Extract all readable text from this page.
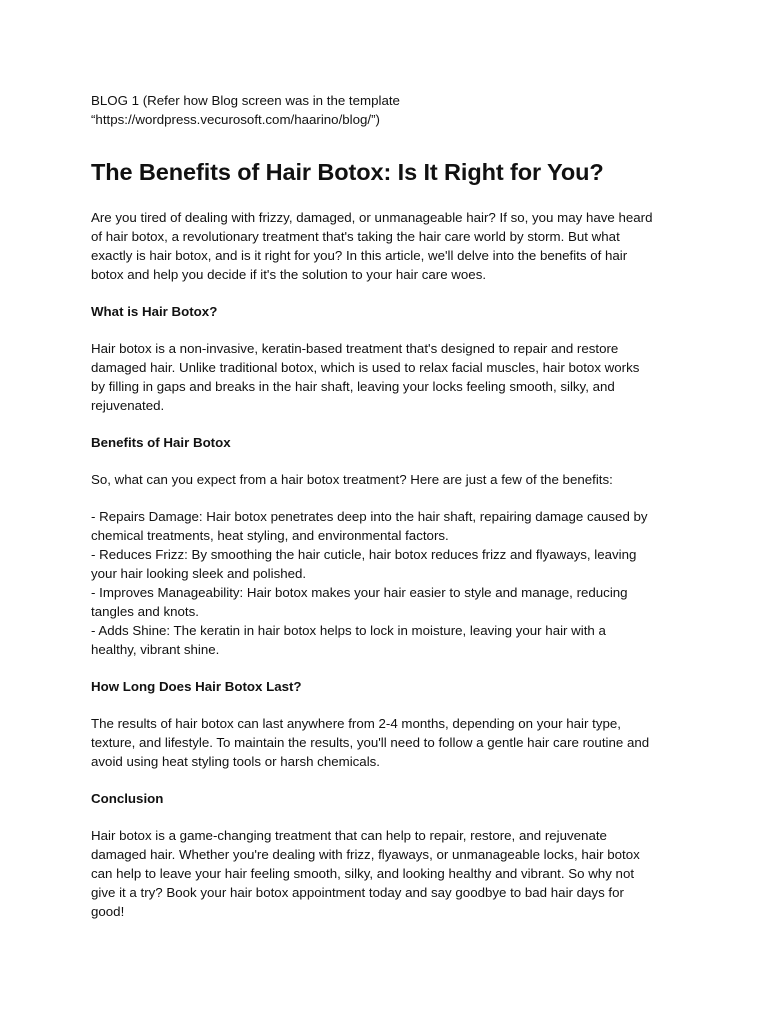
BLOG 1 (Refer how Blog screen was in the template
“https://wordpress.vecurosoft.com/haarino/blog/”)

The Benefits of Hair Botox: Is It Right for You?

Are you tired of dealing with frizzy, damaged, or unmanageable hair? If so, you may have heard
of hair botox, a revolutionary treatment that's taking the hair care world by storm. But what
exactly is hair botox, and is it right for you? In this article, we'll delve into the benefits of hair
botox and help you decide if it's the solution to your hair care woes.

What is Hair Botox?

Hair botox is a non-invasive, keratin-based treatment that's designed to repair and restore
damaged hair. Unlike traditional botox, which is used to relax facial muscles, hair botox works
by filling in gaps and breaks in the hair shaft, leaving your locks feeling smooth, silky, and
rejuvenated.

Benefits of Hair Botox

So, what can you expect from a hair botox treatment? Here are just a few of the benefits:

- Repairs Damage: Hair botox penetrates deep into the hair shaft, repairing damage caused by
chemical treatments, heat styling, and environmental factors.

- Reduces Frizz: By smoothing the hair cuticle, hair botox reduces frizz and flyaways, leaving
your hair looking sleek and polished.

- Improves Manageability: Hair botox makes your hair easier to style and manage, reducing
tangles and knots.

- Adds Shine: The keratin in hair botox helps to lock in moisture, leaving your hair with a
healthy, vibrant shine.

How Long Does Hair Botox Last?

The results of hair botox can last anywhere from 2-4 months, depending on your hair type,
texture, and lifestyle. To maintain the results, you'll need to follow a gentle hair care routine and
avoid using heat styling tools or harsh chemicals.

Conclusion

Hair botox is a game-changing treatment that can help to repair, restore, and rejuvenate
damaged hair. Whether you're dealing with frizz, flyaways, or unmanageable locks, hair botox
can help to leave your hair feeling smooth, silky, and looking healthy and vibrant. So why not
give it a try? Book your hair botox appointment today and say goodbye to bad hair days for
good!
